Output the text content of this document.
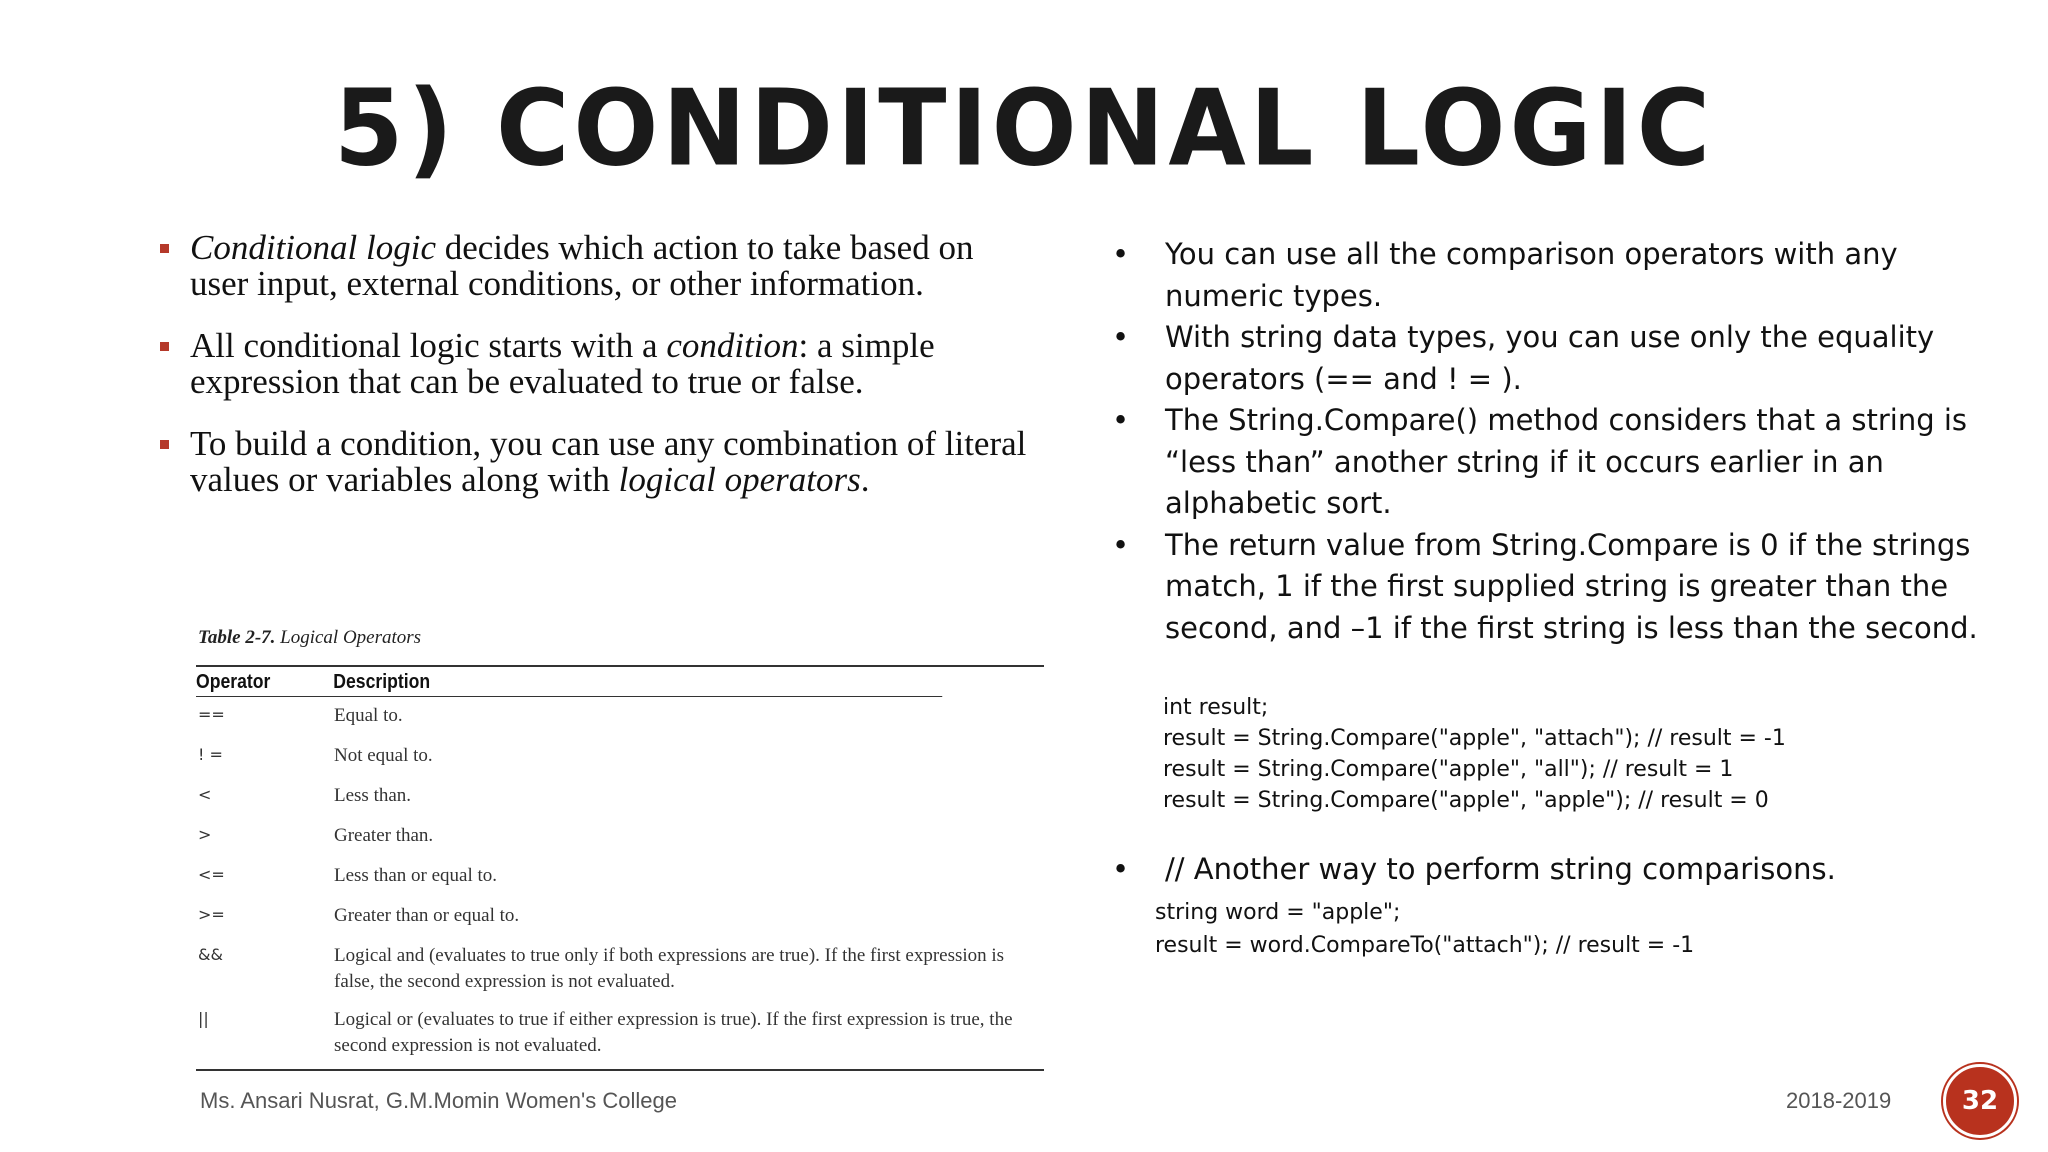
5) CONDITIONAL LOGIC
Conditional logic decides which action to take based on user input, external conditions, or other information.
All conditional logic starts with a condition: a simple expression that can be evaluated to true or false.
To build a condition, you can use any combination of literal values or variables along with logical operators.
Table 2-7. Logical Operators
Operator	Description
==	Equal to.
! =	Not equal to.
<	Less than.
>	Greater than.
<=	Less than or equal to.
>=	Greater than or equal to.
&&	Logical and (evaluates to true only if both expressions are true). If the first expression is false, the second expression is not evaluated.
||	Logical or (evaluates to true if either expression is true). If the first expression is true, the second expression is not evaluated.
• You can use all the comparison operators with any numeric types.
• With string data types, you can use only the equality operators (== and ! = ).
• The String.Compare() method considers that a string is “less than” another string if it occurs earlier in an alphabetic sort.
• The return value from String.Compare is 0 if the strings match, 1 if the first supplied string is greater than the second, and –1 if the first string is less than the second.
int result;
result = String.Compare("apple", "attach"); // result = -1
result = String.Compare("apple", "all"); // result = 1
result = String.Compare("apple", "apple"); // result = 0
• // Another way to perform string comparisons.
string word = "apple";
result = word.CompareTo("attach"); // result = -1
Ms. Ansari Nusrat, G.M.Momin Women's College	2018-2019	32
